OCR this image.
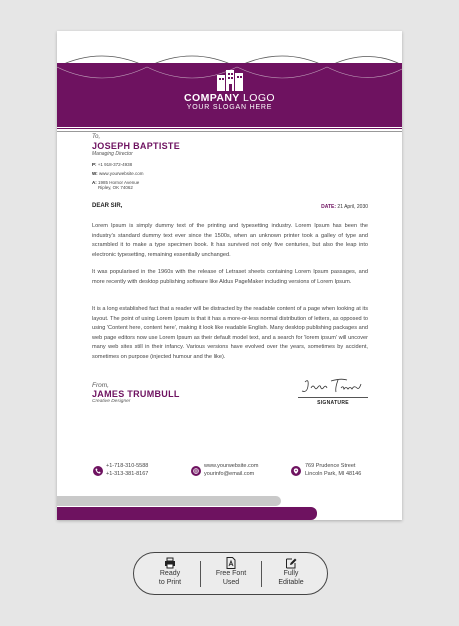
COMPANY LOGO
YOUR SLOGAN HERE
To,
JOSEPH BAPTISTE
Managing Director
P: +1 918-372-4938
W: www.yourwebsite.com
A: 1985 Hornor Avenue
Ripley, OK 74062
DEAR SIR,	DATE: 21 April, 2030
Lorem Ipsum is simply dummy text of the printing and typesetting industry. Lorem Ipsum has been the industry's standard dummy text ever since the 1500s, when an unknown printer took a galley of type and scrambled it to make a type specimen book. It has survived not only five centuries, but also the leap into electronic typesetting, remaining essentially unchanged.
It was popularised in the 1960s with the release of Letraset sheets containing Lorem Ipsum passages, and more recently with desktop publishing software like Aldus PageMaker including versions of Lorem Ipsum.
It is a long established fact that a reader will be distracted by the readable content of a page when looking at its layout. The point of using Lorem Ipsum is that it has a more-or-less normal distribution of letters, as opposed to using 'Content here, content here', making it look like readable English. Many desktop publishing packages and web page editors now use Lorem Ipsum as their default model text, and a search for 'lorem ipsum' will uncover many web sites still in their infancy. Various versions have evolved over the years, sometimes by accident, sometimes on purpose (injected humour and the like).
From,
JAMES TRUMBULL
Creative Designer	SIGNATURE
+1-718-310-5588
+1-313-381-8167
www.yourwebsite.com
yourinfo@email.com
769 Prudence Street
Lincoln Park, MI 48146
Ready
to Print
Free Font
Used
Fully
Editable
